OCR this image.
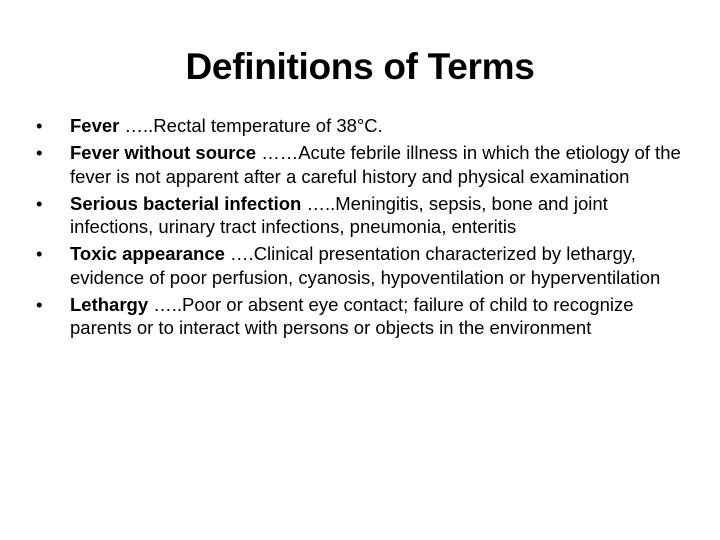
Definitions of Terms
•	Fever …..Rectal temperature of 38°C.
•	Fever without source ……Acute febrile illness in which the etiology of the fever is not apparent after a careful history and physical examination
•	Serious bacterial infection …..Meningitis, sepsis, bone and joint infections, urinary tract infections, pneumonia, enteritis
•	Toxic appearance ….Clinical presentation characterized by lethargy, evidence of poor perfusion, cyanosis, hypoventilation or hyperventilation
•	Lethargy …..Poor or absent eye contact; failure of child to recognize parents or to interact with persons or objects in the environment
